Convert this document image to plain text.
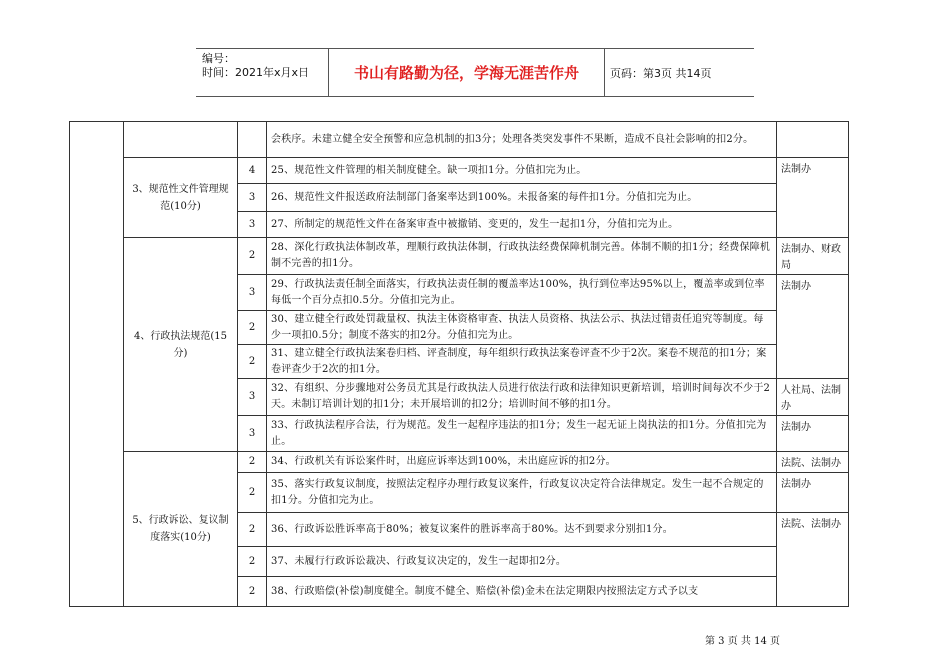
编号：
时间：2021年x月x日	书山有路勤为径，学海无涯苦作舟	页码：第3页 共14页
			会秩序。未建立健全安全预警和应急机制的扣3分；处理各类突发事件不果断，造成不良社会影响的扣2分。	
	3、规范性文件管理规范(10分)	4	25、规范性文件管理的相关制度健全。缺一项扣1分。分值扣完为止。	法制办
		3	26、规范性文件报送政府法制部门备案率达到100%。未报备案的每件扣1分。分值扣完为止。	
		3	27、所制定的规范性文件在备案审查中被撤销、变更的，发生一起扣1分，分值扣完为止。	
	4、行政执法规范(15分)	2	28、深化行政执法体制改革，理顺行政执法体制，行政执法经费保障机制完善。体制不顺的扣1分；经费保障机制不完善的扣1分。	法制办、财政局
		3	29、行政执法责任制全面落实，行政执法责任制的覆盖率达100%，执行到位率达95%以上，覆盖率或到位率每低一个百分点扣0.5分。分值扣完为止。	法制办
		2	30、建立健全行政处罚裁量权、执法主体资格审查、执法人员资格、执法公示、执法过错责任追究等制度。每少一项扣0.5分；制度不落实的扣2分。分值扣完为止。	
		2	31、建立健全行政执法案卷归档、评查制度，每年组织行政执法案卷评查不少于2次。案卷不规范的扣1分；案卷评查少于2次的扣1分。	
		3	32、有组织、分步骤地对公务员尤其是行政执法人员进行依法行政和法律知识更新培训，培训时间每次不少于2天。未制订培训计划的扣1分；未开展培训的扣2分；培训时间不够的扣1分。	人社局、法制办
		3	33、行政执法程序合法，行为规范。发生一起程序违法的扣1分；发生一起无证上岗执法的扣1分。分值扣完为止。	法制办
	5、行政诉讼、复议制度落实(10分)	2	34、行政机关有诉讼案件时，出庭应诉率达到100%，未出庭应诉的扣2分。	法院、法制办
		2	35、落实行政复议制度，按照法定程序办理行政复议案件，行政复议决定符合法律规定。发生一起不合规定的扣1分。分值扣完为止。	法制办
		2	36、行政诉讼胜诉率高于80%；被复议案件的胜诉率高于80%。达不到要求分别扣1分。	法院、法制办
		2	37、未履行行政诉讼裁决、行政复议决定的，发生一起即扣2分。	
		2	38、行政赔偿(补偿)制度健全。制度不健全、赔偿(补偿)金未在法定期限内按照法定方式予以支	
第 3 页 共 14 页
